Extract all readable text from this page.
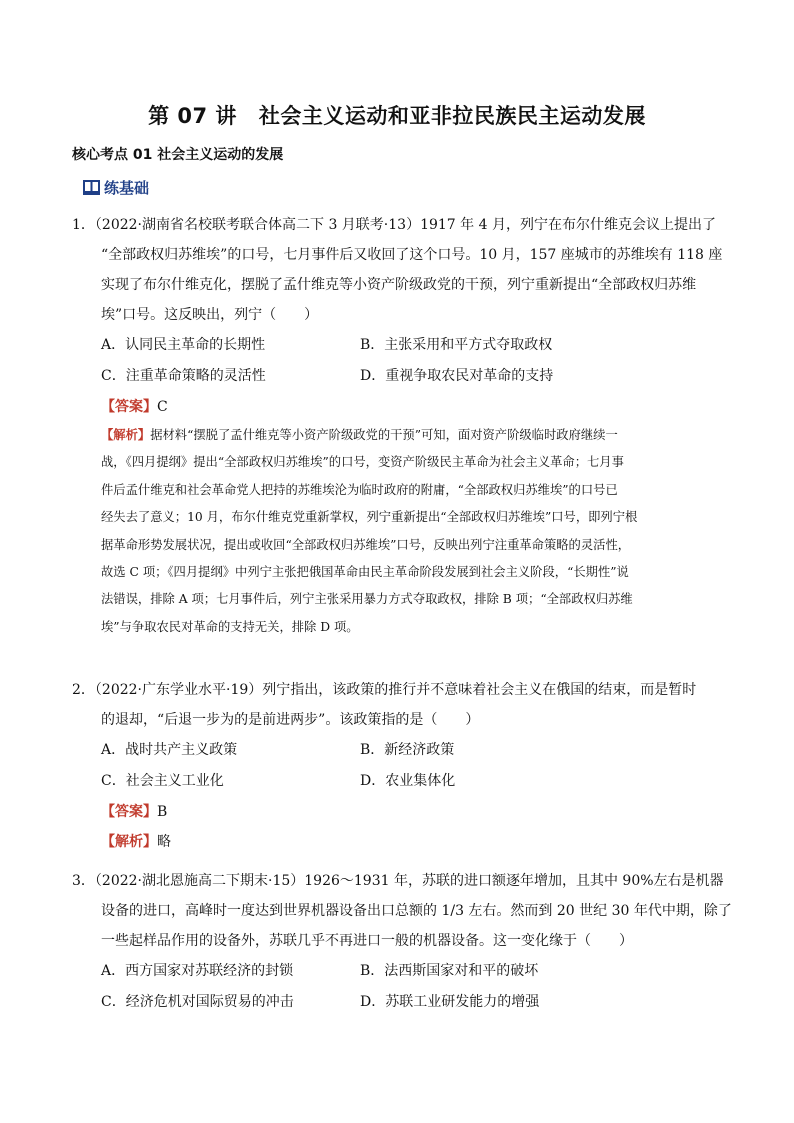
第 07 讲 社会主义运动和亚非拉民族民主运动发展
核心考点 01 社会主义运动的发展
练基础
1．（2022·湖南省名校联考联合体高二下 3 月联考·13）1917 年 4 月，列宁在布尔什维克会议上提出了
“全部政权归苏维埃”的口号，七月事件后又收回了这个口号。10 月，157 座城市的苏维埃有 118 座
实现了布尔什维克化，摆脱了孟什维克等小资产阶级政党的干预，列宁重新提出“全部政权归苏维
埃”口号。这反映出，列宁（　　）
A．认同民主革命的长期性	B．主张采用和平方式夺取政权
C．注重革命策略的灵活性	D．重视争取农民对革命的支持
【答案】C
【解析】据材料“摆脱了孟什维克等小资产阶级政党的干预”可知，面对资产阶级临时政府继续一
战，《四月提纲》提出“全部政权归苏维埃”的口号，变资产阶级民主革命为社会主义革命；七月事
件后孟什维克和社会革命党人把持的苏维埃沦为临时政府的附庸，“全部政权归苏维埃”的口号已
经失去了意义；10 月，布尔什维克党重新掌权，列宁重新提出“全部政权归苏维埃”口号，即列宁根
据革命形势发展状况，提出或收回“全部政权归苏维埃”口号，反映出列宁注重革命策略的灵活性，
故选 C 项；《四月提纲》中列宁主张把俄国革命由民主革命阶段发展到社会主义阶段，“长期性”说
法错误，排除 A 项；七月事件后，列宁主张采用暴力方式夺取政权，排除 B 项；“全部政权归苏维
埃”与争取农民对革命的支持无关，排除 D 项。
2．（2022·广东学业水平·19）列宁指出，该政策的推行并不意味着社会主义在俄国的结束，而是暂时
的退却，“后退一步为的是前进两步”。该政策指的是（　　）
A．战时共产主义政策	B．新经济政策
C．社会主义工业化	D．农业集体化
【答案】B
【解析】略
3．（2022·湖北恩施高二下期末·15）1926～1931 年，苏联的进口额逐年增加，且其中 90%左右是机器
设备的进口，高峰时一度达到世界机器设备出口总额的 1/3 左右。然而到 20 世纪 30 年代中期，除了
一些起样品作用的设备外，苏联几乎不再进口一般的机器设备。这一变化缘于（　　）
A．西方国家对苏联经济的封锁	B．法西斯国家对和平的破坏
C．经济危机对国际贸易的冲击	D．苏联工业研发能力的增强
